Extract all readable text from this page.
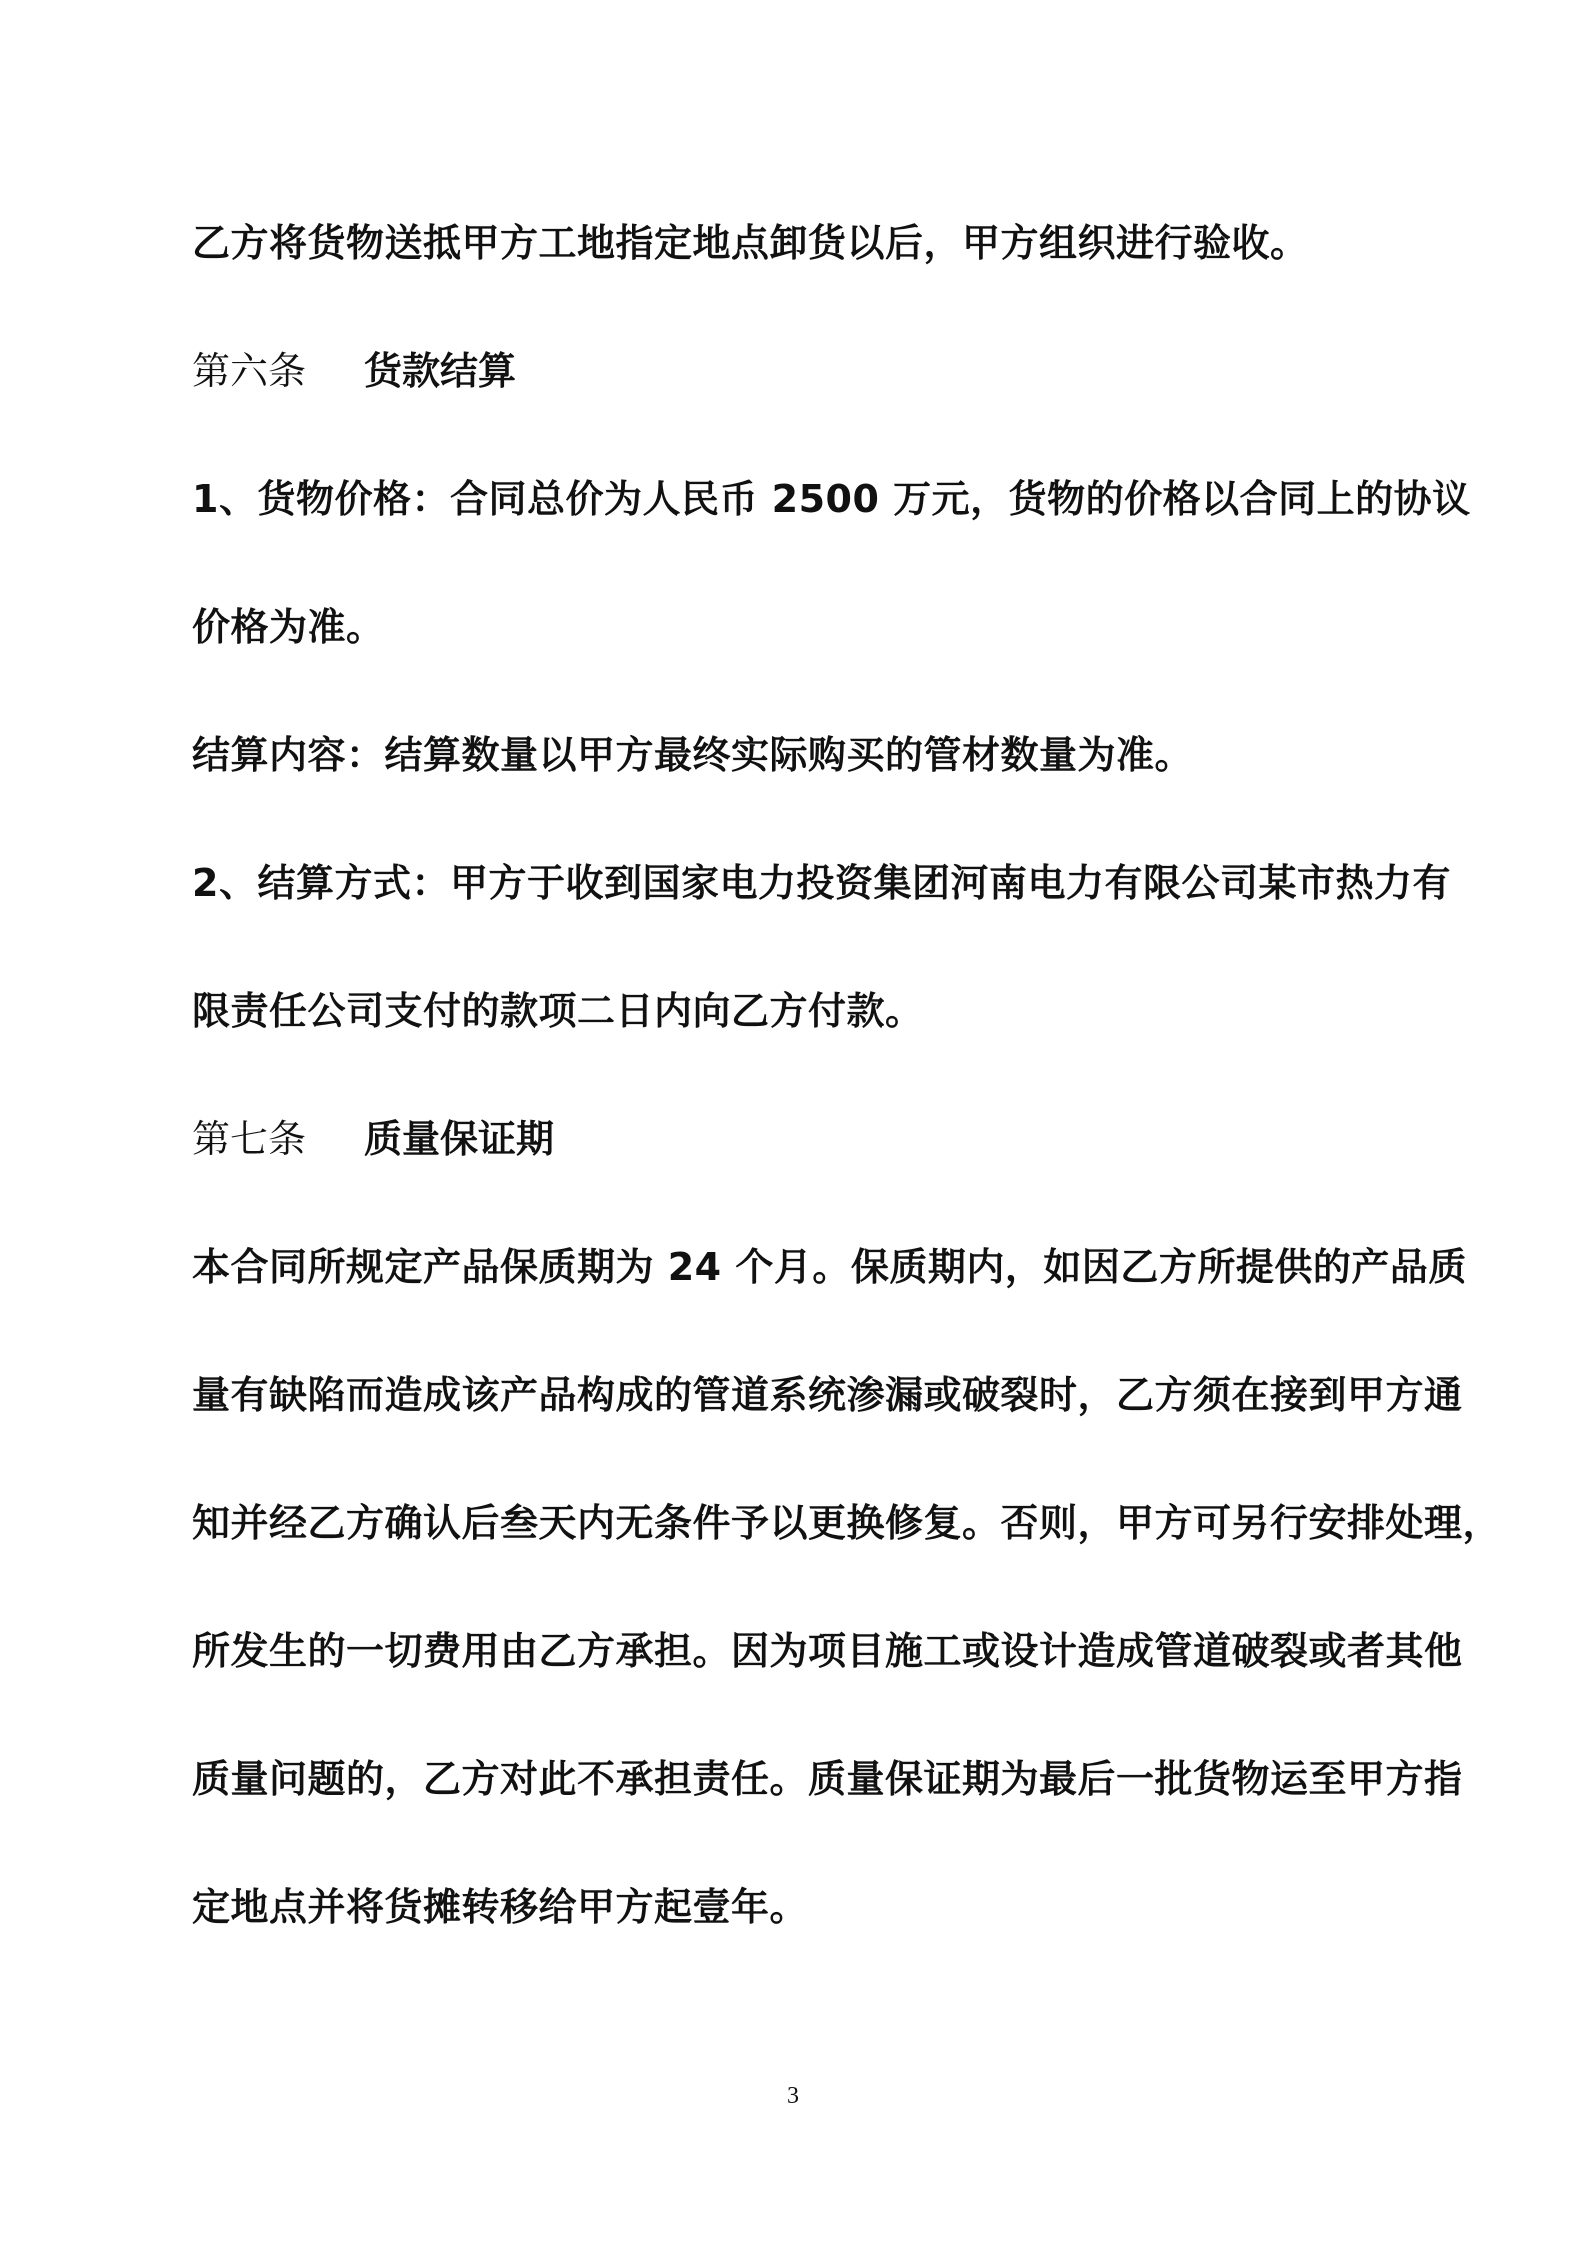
乙方将货物送抵甲方工地指定地点卸货以后，甲方组织进行验收。
第六条 货款结算
1、货物价格：合同总价为人民币 2500 万元，货物的价格以合同上的协议
价格为准。
结算内容：结算数量以甲方最终实际购买的管材数量为准。
2、结算方式：甲方于收到国家电力投资集团河南电力有限公司某市热力有
限责任公司支付的款项二日内向乙方付款。
第七条 质量保证期
本合同所规定产品保质期为 24 个月。保质期内，如因乙方所提供的产品质
量有缺陷而造成该产品构成的管道系统渗漏或破裂时，乙方须在接到甲方通
知并经乙方确认后叁天内无条件予以更换修复。否则，甲方可另行安排处理，
所发生的一切费用由乙方承担。因为项目施工或设计造成管道破裂或者其他
质量问题的，乙方对此不承担责任。质量保证期为最后一批货物运至甲方指
定地点并将货摊转移给甲方起壹年。
3
